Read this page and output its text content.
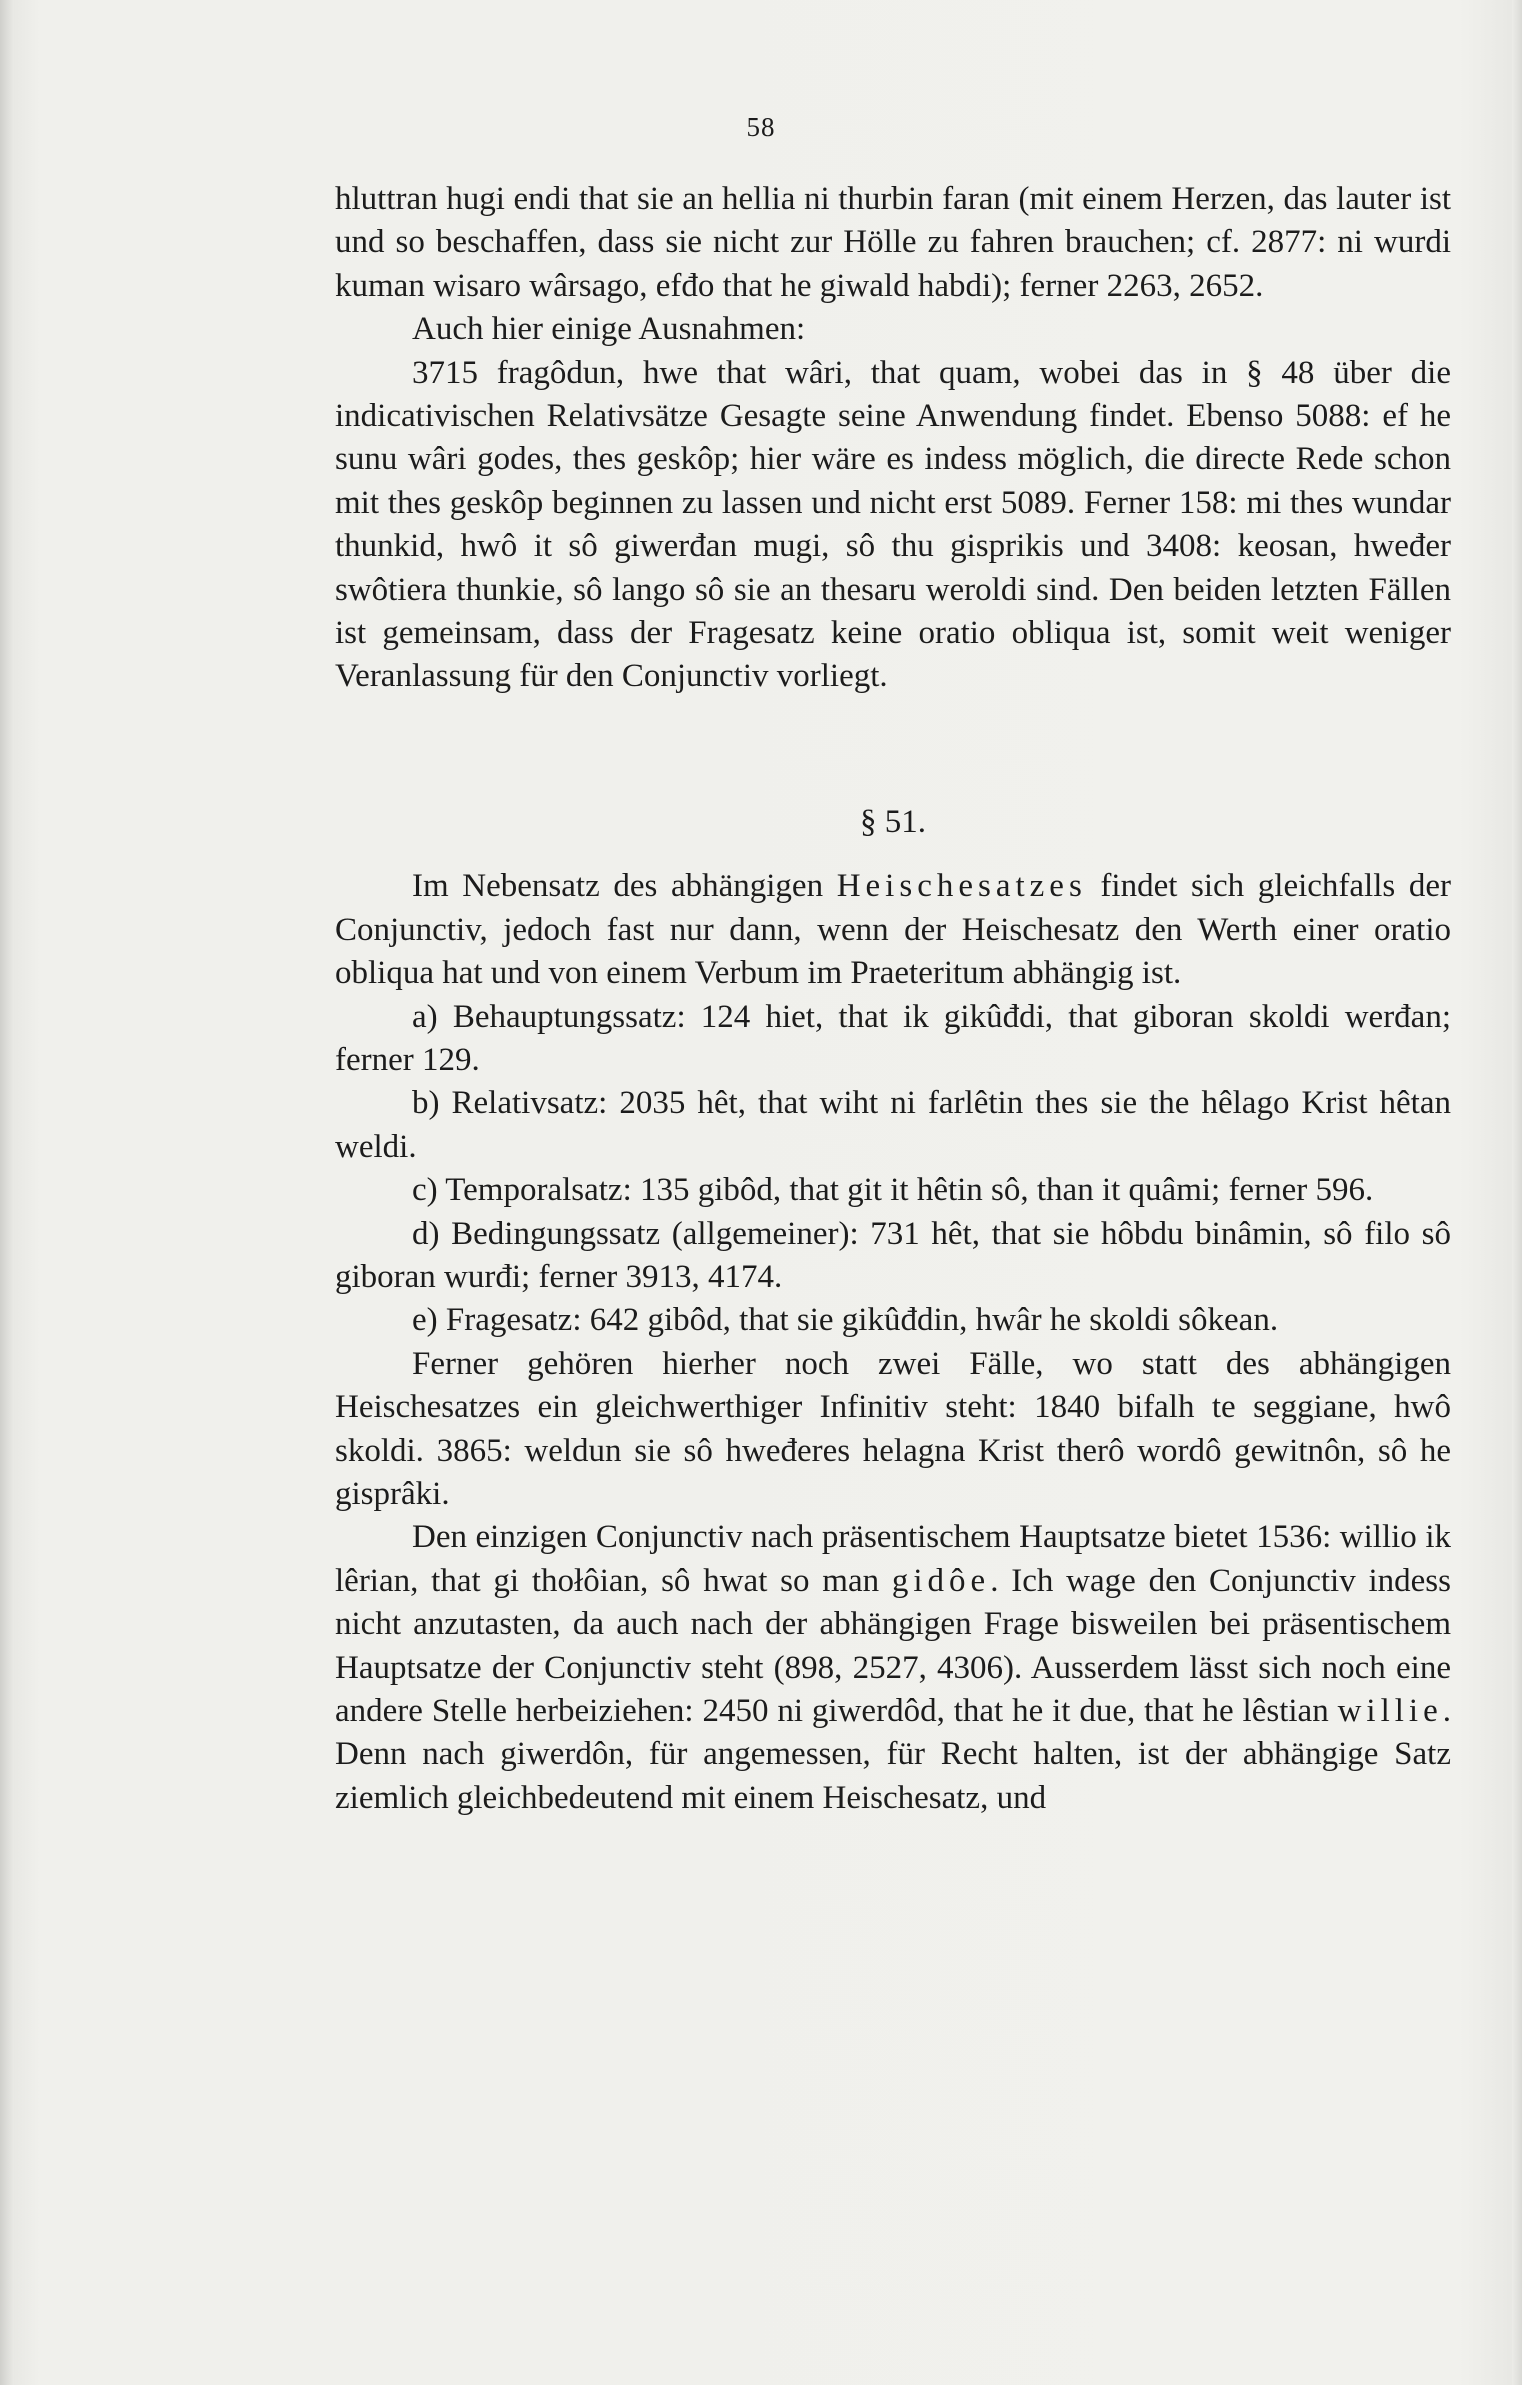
58

hluttran hugi endi that sie an hellia ni thurbin faran (mit einem Herzen, das lauter ist und so beschaffen, dass sie nicht zur Hölle zu fahren brauchen; cf. 2877: ni wurdi kuman wisaro wârsago, efđo that he giwald habdi); ferner 2263, 2652.

Auch hier einige Ausnahmen:

3715 fragôdun, hwe that wâri, that quam, wobei das in § 48 über die indicativischen Relativsätze Gesagte seine Anwendung findet. Ebenso 5088: ef he sunu wâri godes, thes geskôp; hier wäre es indess möglich, die directe Rede schon mit thes geskôp beginnen zu lassen und nicht erst 5089. Ferner 158: mi thes wundar thunkid, hwô it sô giwerđan mugi, sô thu gisprikis und 3408: keosan, hweđer swôtiera thunkie, sô lango sô sie an thesaru weroldi sind. Den beiden letzten Fällen ist gemeinsam, dass der Fragesatz keine oratio obliqua ist, somit weit weniger Veranlassung für den Conjunctiv vorliegt.

§ 51.

Im Nebensatz des abhängigen Heischesatzes findet sich gleichfalls der Conjunctiv, jedoch fast nur dann, wenn der Heischesatz den Werth einer oratio obliqua hat und von einem Verbum im Praeteritum abhängig ist.

a) Behauptungssatz: 124 hiet, that ik gikûđdi, that giboran skoldi werđan; ferner 129.

b) Relativsatz: 2035 hêt, that wiht ni farlêtin thes sie the hêlago Krist hêtan weldi.

c) Temporalsatz: 135 gibôd, that git it hêtin sô, than it quâmi; ferner 596.

d) Bedingungssatz (allgemeiner): 731 hêt, that sie hôbdu binâmin, sô filo sô giboran wurđi; ferner 3913, 4174.

e) Fragesatz: 642 gibôd, that sie gikûđdin, hwâr he skoldi sôkean.

Ferner gehören hierher noch zwei Fälle, wo statt des abhängigen Heischesatzes ein gleichwerthiger Infinitiv steht: 1840 bifalh te seggiane, hwô skoldi. 3865: weldun sie sô hweđeres helagna Krist therô wordô gewitnôn, sô he gisprâki.

Den einzigen Conjunctiv nach präsentischem Hauptsatze bietet 1536: willio ik lêrian, that gi thołôian, sô hwat so man gidôe. Ich wage den Conjunctiv indess nicht anzutasten, da auch nach der abhängigen Frage bisweilen bei präsentischem Hauptsatze der Conjunctiv steht (898, 2527, 4306). Ausserdem lässt sich noch eine andere Stelle herbeiziehen: 2450 ni giwerdôd, that he it due, that he lêstian willie. Denn nach giwerdôn, für angemessen, für Recht halten, ist der abhängige Satz ziemlich gleichbedeutend mit einem Heischesatz, und
